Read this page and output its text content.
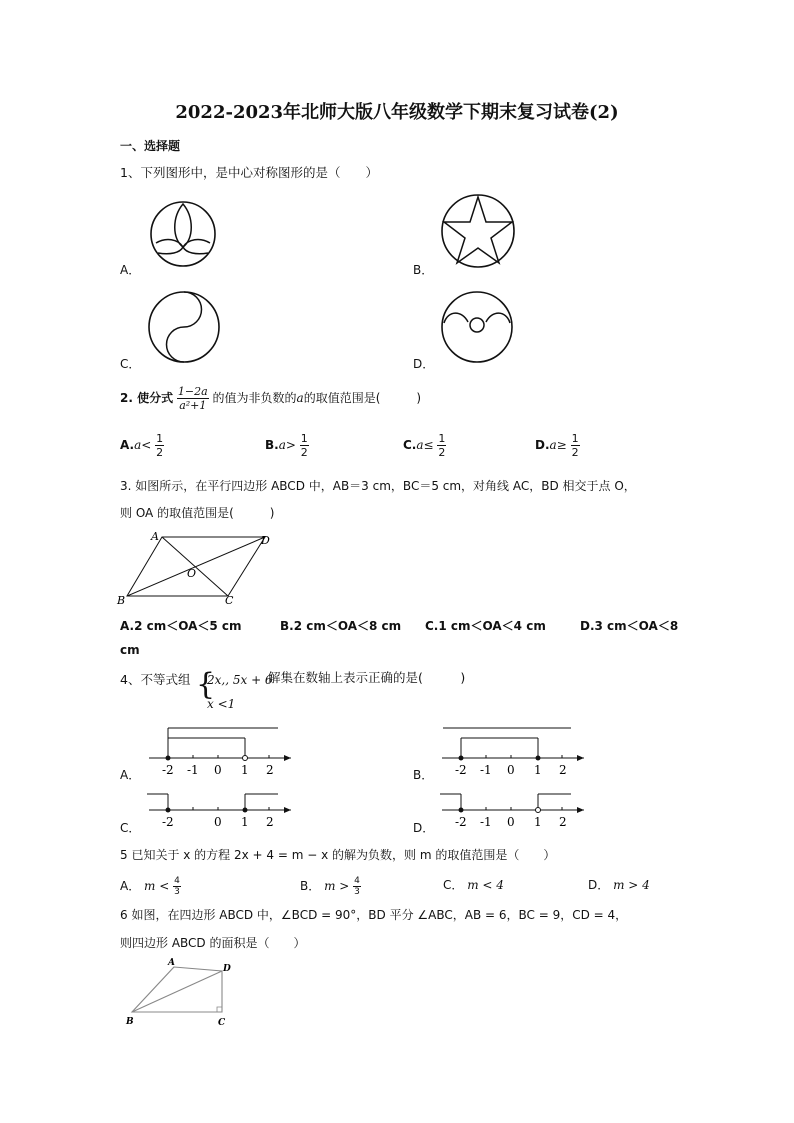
2022-2023年北师大版八年级数学下期末复习试卷(2)
一、选择题
1、下列图形中，是中心对称图形的是（　　）
A．	B．
C．	D．
2. 使分式 $\frac{1-2a}{\text{a²+1}}$ 的值为非负数的a的取值范围是(　　　)
$A.a< \frac{1}{2}$	$B.a> \frac{1}{2}$	$C.a\le \frac{1}{2}$	$D.a\ge \frac{1}{2}$
3. 如图所示，在平行四边形 ABCD 中，AB＝3 cm，BC＝5 cm，对角线 AC，BD 相交于点 O，
则 OA 的取值范围是(　　　)
A	D
B	C
O
A.2 cm＜OA＜5 cm	B.2 cm＜OA＜8 cm C.1 cm＜OA＜4 cm	D.3 cm＜OA＜8
cm
4、不等式组 {
2x,, 5x + 6
x <1
解集在数轴上表示正确的是(　　　)
A． -2 -1 0 1 2	B． -2 -1 0 1 2
C． -2	0 1 2	D． -2 -1 0 1 2
5 已知关于 x 的方程 2x + 4 = m − x 的解为负数，则 m 的取值范围是（　　）
A． $m < \frac{4}{3}$	B． $m > \frac{4}{3}$	C． m < 4	D． m > 4
6 如图，在四边形 ABCD 中，∠BCD = 90°，BD 平分 ∠ABC，AB = 6，BC = 9，CD = 4，
则四边形 ABCD 的面积是（　　）
A
D
B	C
